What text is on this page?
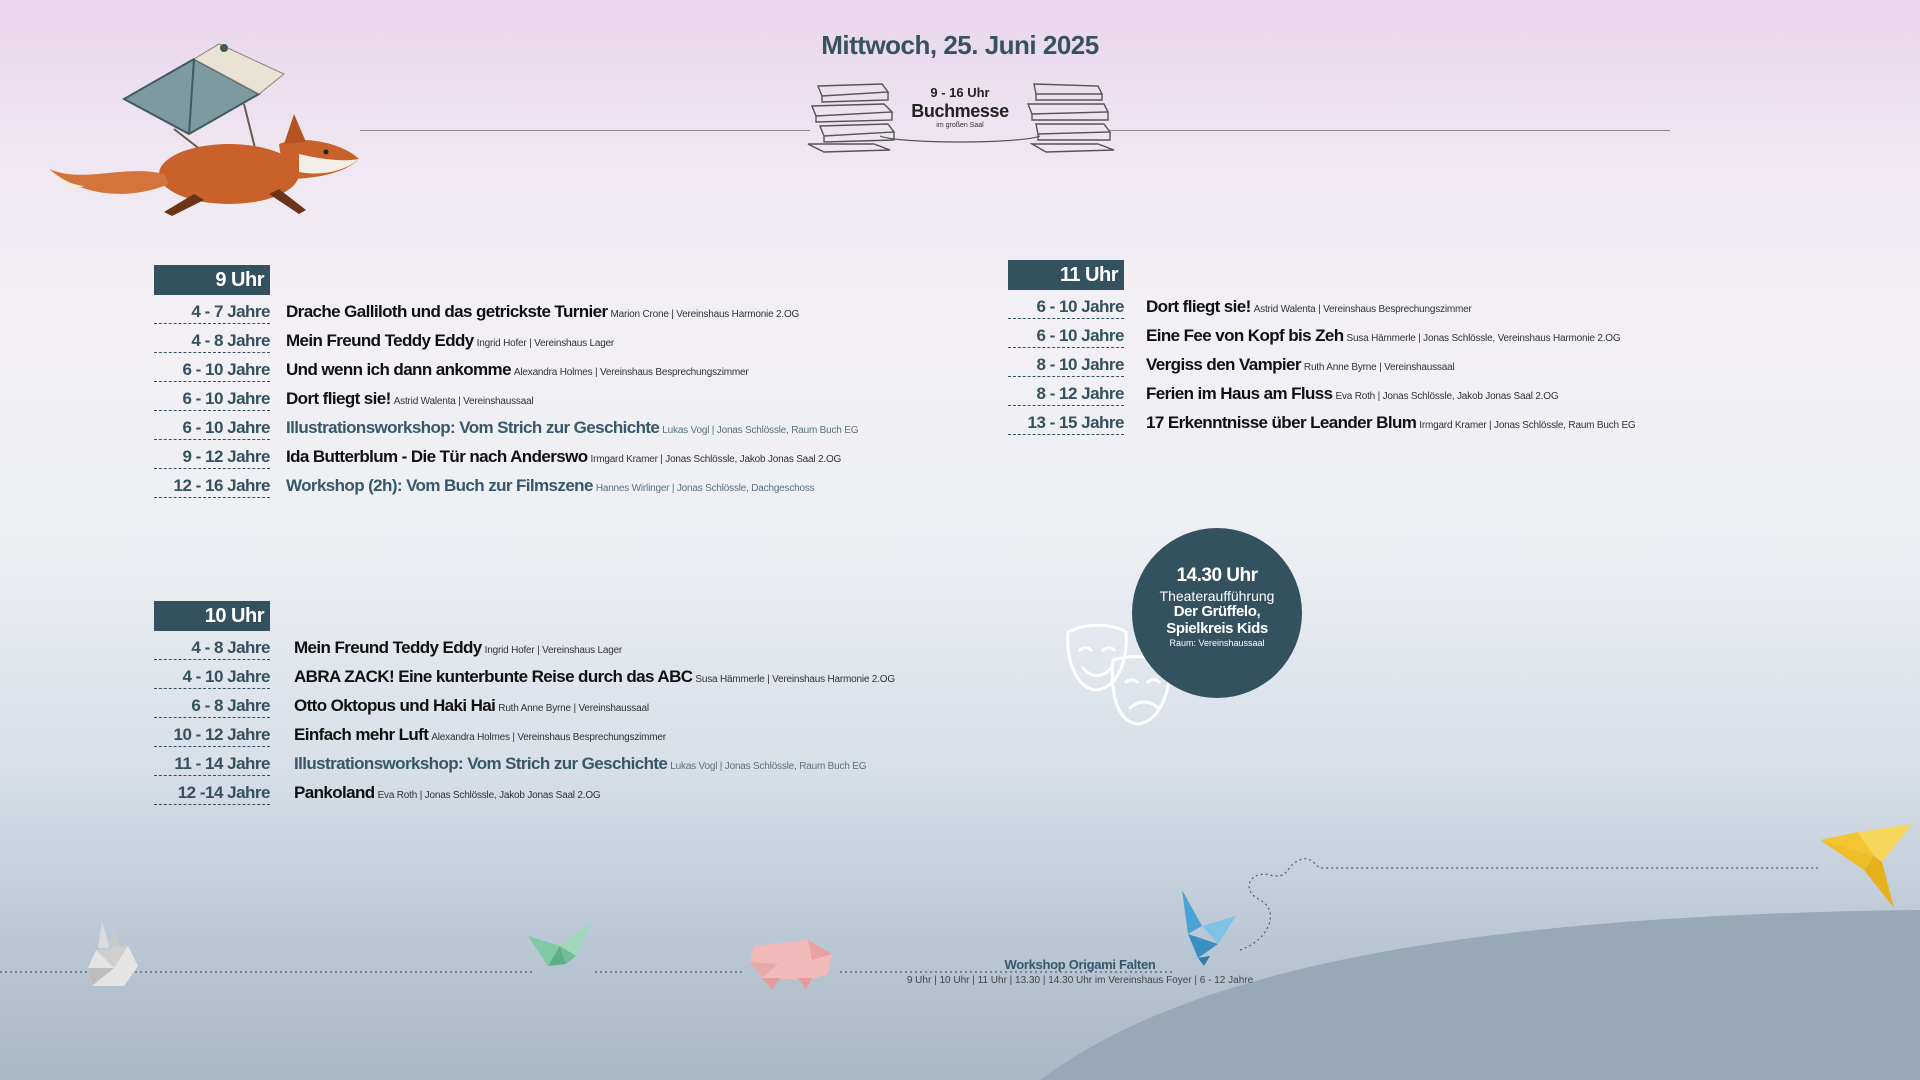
Mittwoch, 25. Juni 2025
9 - 16 Uhr
Buchmesse
im großen Saal
9 Uhr
4 - 7 Jahre Drache Galliloth und das getrickste Turnier Marion Crone | Vereinshaus Harmonie 2.OG
4 - 8 Jahre Mein Freund Teddy Eddy Ingrid Hofer | Vereinshaus Lager
6 - 10 Jahre Und wenn ich dann ankomme Alexandra Holmes | Vereinshaus Besprechungszimmer
6 - 10 Jahre Dort fliegt sie! Astrid Walenta | Vereinshaussaal
6 - 10 Jahre Illustrationsworkshop: Vom Strich zur Geschichte Lukas Vogl | Jonas Schlössle, Raum Buch EG
9 - 12 Jahre Ida Butterblum - Die Tür nach Anderswo Irmgard Kramer | Jonas Schlössle, Jakob Jonas Saal 2.OG
12 - 16 Jahre Workshop (2h): Vom Buch zur Filmszene Hannes Wirlinger | Jonas Schlössle, Dachgeschoss
10 Uhr
4 - 8 Jahre Mein Freund Teddy Eddy Ingrid Hofer | Vereinshaus Lager
4 - 10 Jahre ABRA ZACK! Eine kunterbunte Reise durch das ABC Susa Hämmerle | Vereinshaus Harmonie 2.OG
6 - 8 Jahre Otto Oktopus und Haki Hai Ruth Anne Byrne | Vereinshaussaal
10 - 12 Jahre Einfach mehr Luft Alexandra Holmes | Vereinshaus Besprechungszimmer
11 - 14 Jahre Illustrationsworkshop: Vom Strich zur Geschichte Lukas Vogl | Jonas Schlössle, Raum Buch EG
12 -14 Jahre Pankoland Eva Roth | Jonas Schlössle, Jakob Jonas Saal 2.OG
11 Uhr
6 - 10 Jahre Dort fliegt sie! Astrid Walenta | Vereinshaus Besprechungszimmer
6 - 10 Jahre Eine Fee von Kopf bis Zeh Susa Hämmerle | Jonas Schlössle, Vereinshaus Harmonie 2.OG
8 - 10 Jahre Vergiss den Vampier Ruth Anne Byrne | Vereinshaussaal
8 - 12 Jahre Ferien im Haus am Fluss Eva Roth | Jonas Schlössle, Jakob Jonas Saal 2.OG
13 - 15 Jahre 17 Erkenntnisse über Leander Blum Irmgard Kramer | Jonas Schlössle, Raum Buch EG
14.30 Uhr
Theateraufführung
Der Grüffelo,
Spielkreis Kids
Raum: Vereinshaussaal
Workshop Origami Falten
9 Uhr | 10 Uhr | 11 Uhr | 13.30 | 14.30 Uhr im Vereinshaus Foyer | 6 - 12 Jahre
